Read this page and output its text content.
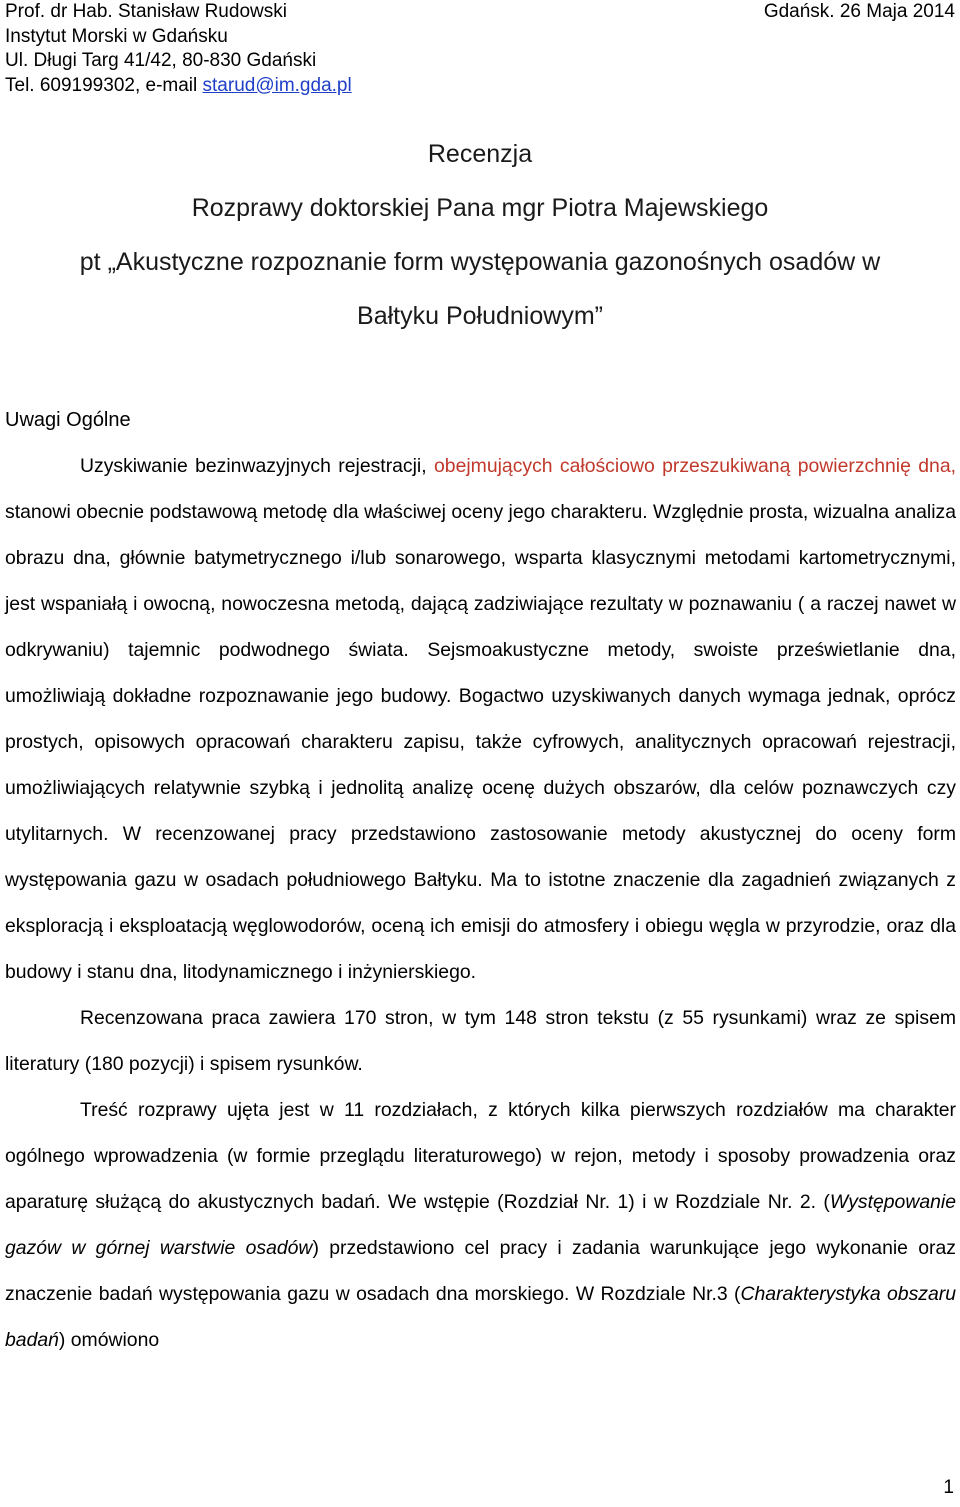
Prof. dr Hab. Stanisław Rudowski	Gdańsk. 26 Maja 2014
Instytut Morski w Gdańsku
Ul. Długi Targ 41/42, 80-830 Gdański
Tel. 609199302, e-mail starud@im.gda.pl
Recenzja
Rozprawy doktorskiej Pana mgr Piotra Majewskiego
pt „Akustyczne rozpoznanie form występowania gazonośnych osadów w
Bałtyku Południowym”
Uwagi Ogólne

Uzyskiwanie bezinwazyjnych rejestracji, obejmujących całościowo przeszukiwaną powierzchnię dna, stanowi obecnie podstawową metodę dla właściwej oceny jego charakteru. Względnie prosta, wizualna analiza obrazu dna, głównie batymetrycznego i/lub sonarowego, wsparta klasycznymi metodami kartometrycznymi, jest wspaniałą i owocną, nowoczesna metodą, dającą zadziwiające rezultaty w poznawaniu ( a raczej nawet w odkrywaniu) tajemnic podwodnego świata. Sejsmoakustyczne metody, swoiste prześwietlanie dna, umożliwiają dokładne rozpoznawanie jego budowy. Bogactwo uzyskiwanych danych wymaga jednak, oprócz prostych, opisowych opracowań charakteru zapisu, także cyfrowych, analitycznych opracowań rejestracji, umożliwiających relatywnie szybką i jednolitą analizę ocenę dużych obszarów, dla celów poznawczych czy utylitarnych. W recenzowanej pracy przedstawiono zastosowanie metody akustycznej do oceny form występowania gazu w osadach południowego Bałtyku. Ma to istotne znaczenie dla zagadnień związanych z eksploracją i eksploatacją węglowodorów, oceną ich emisji do atmosfery i obiegu węgla w przyrodzie, oraz dla budowy i stanu dna, litodynamicznego i inżynierskiego.

Recenzowana praca zawiera 170 stron, w tym 148 stron tekstu (z 55 rysunkami) wraz ze spisem literatury (180 pozycji) i spisem rysunków.

Treść rozprawy ujęta jest w 11 rozdziałach, z których kilka pierwszych rozdziałów ma charakter ogólnego wprowadzenia (w formie przeglądu literaturowego) w rejon, metody i sposoby prowadzenia oraz aparaturę służącą do akustycznych badań. We wstępie (Rozdział Nr. 1) i w Rozdziale Nr. 2. (Występowanie gazów w górnej warstwie osadów) przedstawiono cel pracy i zadania warunkujące jego wykonanie oraz znaczenie badań występowania gazu w osadach dna morskiego. W Rozdziale Nr.3 (Charakterystyka obszaru badań) omówiono

1
